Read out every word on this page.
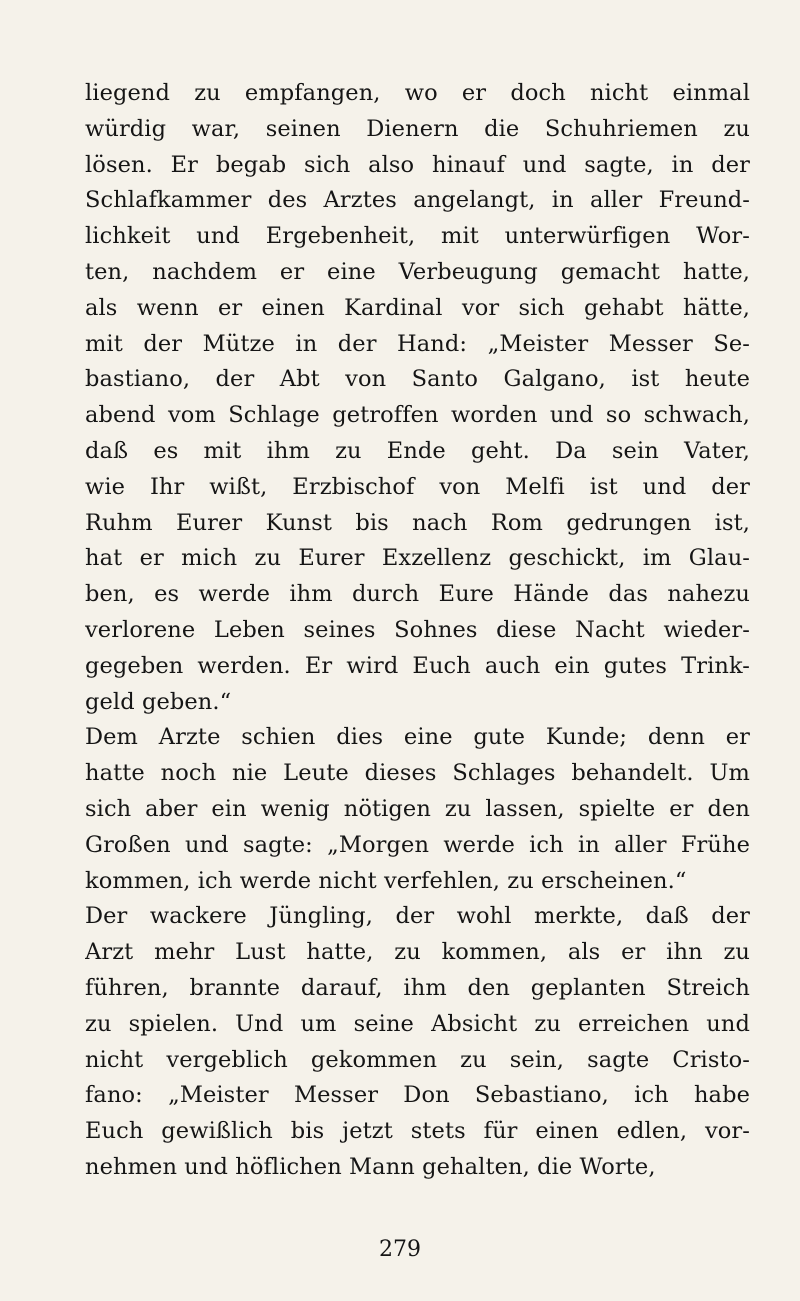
liegend zu empfangen, wo er doch nicht einmal
würdig war, seinen Dienern die Schuhriemen zu
lösen. Er begab sich also hinauf und sagte, in der
Schlafkammer des Arztes angelangt, in aller Freund-
lichkeit und Ergebenheit, mit unterwürfigen Wor-
ten, nachdem er eine Verbeugung gemacht hatte,
als wenn er einen Kardinal vor sich gehabt hätte,
mit der Mütze in der Hand: „Meister Messer Se-
bastiano, der Abt von Santo Galgano, ist heute
abend vom Schlage getroffen worden und so schwach,
daß es mit ihm zu Ende geht. Da sein Vater,
wie Ihr wißt, Erzbischof von Melfi ist und der
Ruhm Eurer Kunst bis nach Rom gedrungen ist,
hat er mich zu Eurer Exzellenz geschickt, im Glau-
ben, es werde ihm durch Eure Hände das nahezu
verlorene Leben seines Sohnes diese Nacht wieder-
gegeben werden. Er wird Euch auch ein gutes Trink-
geld geben.“
Dem Arzte schien dies eine gute Kunde; denn er
hatte noch nie Leute dieses Schlages behandelt. Um
sich aber ein wenig nötigen zu lassen, spielte er den
Großen und sagte: „Morgen werde ich in aller Frühe
kommen, ich werde nicht verfehlen, zu erscheinen.“
Der wackere Jüngling, der wohl merkte, daß der
Arzt mehr Lust hatte, zu kommen, als er ihn zu
führen, brannte darauf, ihm den geplanten Streich
zu spielen. Und um seine Absicht zu erreichen und
nicht vergeblich gekommen zu sein, sagte Cristo-
fano: „Meister Messer Don Sebastiano, ich habe
Euch gewißlich bis jetzt stets für einen edlen, vor-
nehmen und höflichen Mann gehalten, die Worte,
279
